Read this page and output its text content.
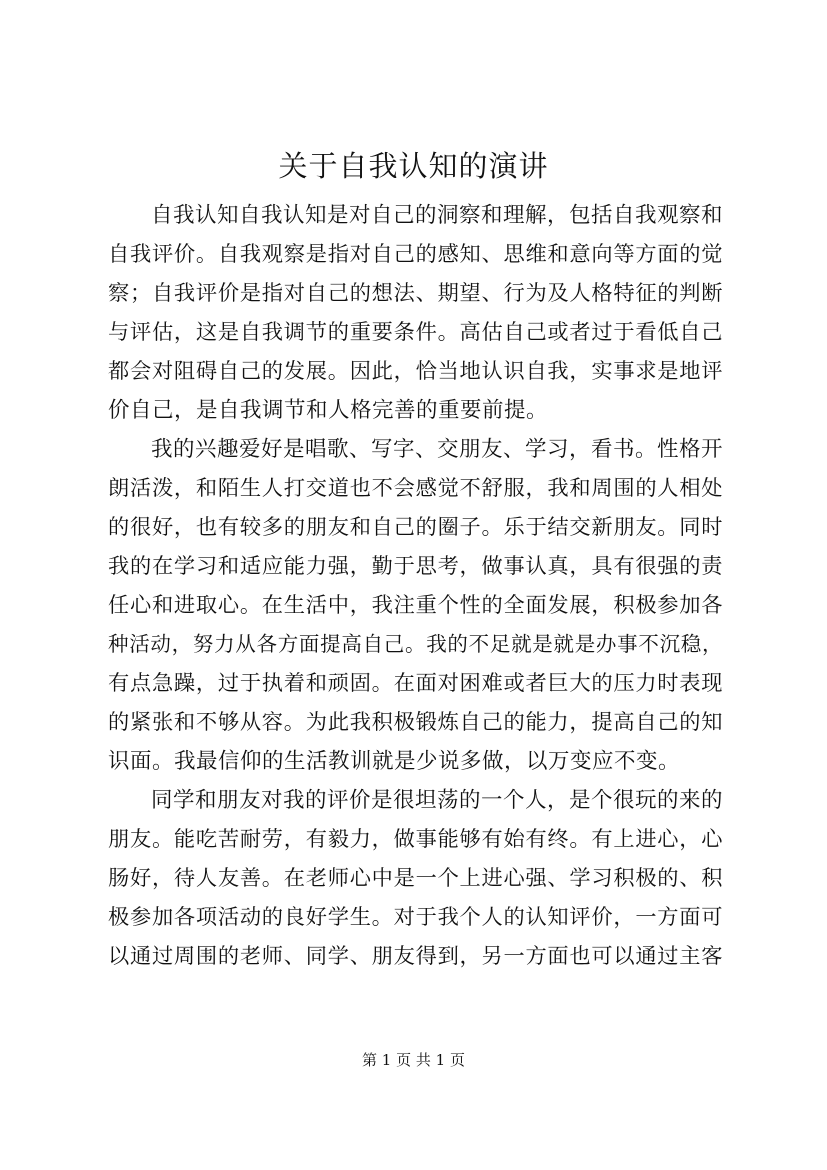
关于自我认知的演讲
自我认知自我认知是对自己的洞察和理解，包括自我观察和
自我评价。自我观察是指对自己的感知、思维和意向等方面的觉
察；自我评价是指对自己的想法、期望、行为及人格特征的判断
与评估，这是自我调节的重要条件。高估自己或者过于看低自己
都会对阻碍自己的发展。因此，恰当地认识自我，实事求是地评
价自己，是自我调节和人格完善的重要前提。
我的兴趣爱好是唱歌、写字、交朋友、学习，看书。性格开
朗活泼，和陌生人打交道也不会感觉不舒服，我和周围的人相处
的很好，也有较多的朋友和自己的圈子。乐于结交新朋友。同时
我的在学习和适应能力强，勤于思考，做事认真，具有很强的责
任心和进取心。在生活中，我注重个性的全面发展，积极参加各
种活动，努力从各方面提高自己。我的不足就是就是办事不沉稳，
有点急躁，过于执着和顽固。在面对困难或者巨大的压力时表现
的紧张和不够从容。为此我积极锻炼自己的能力，提高自己的知
识面。我最信仰的生活教训就是少说多做，以万变应不变。
同学和朋友对我的评价是很坦荡的一个人，是个很玩的来的
朋友。能吃苦耐劳，有毅力，做事能够有始有终。有上进心，心
肠好，待人友善。在老师心中是一个上进心强、学习积极的、积
极参加各项活动的良好学生。对于我个人的认知评价，一方面可
以通过周围的老师、同学、朋友得到，另一方面也可以通过主客
第 1 页 共 1 页
